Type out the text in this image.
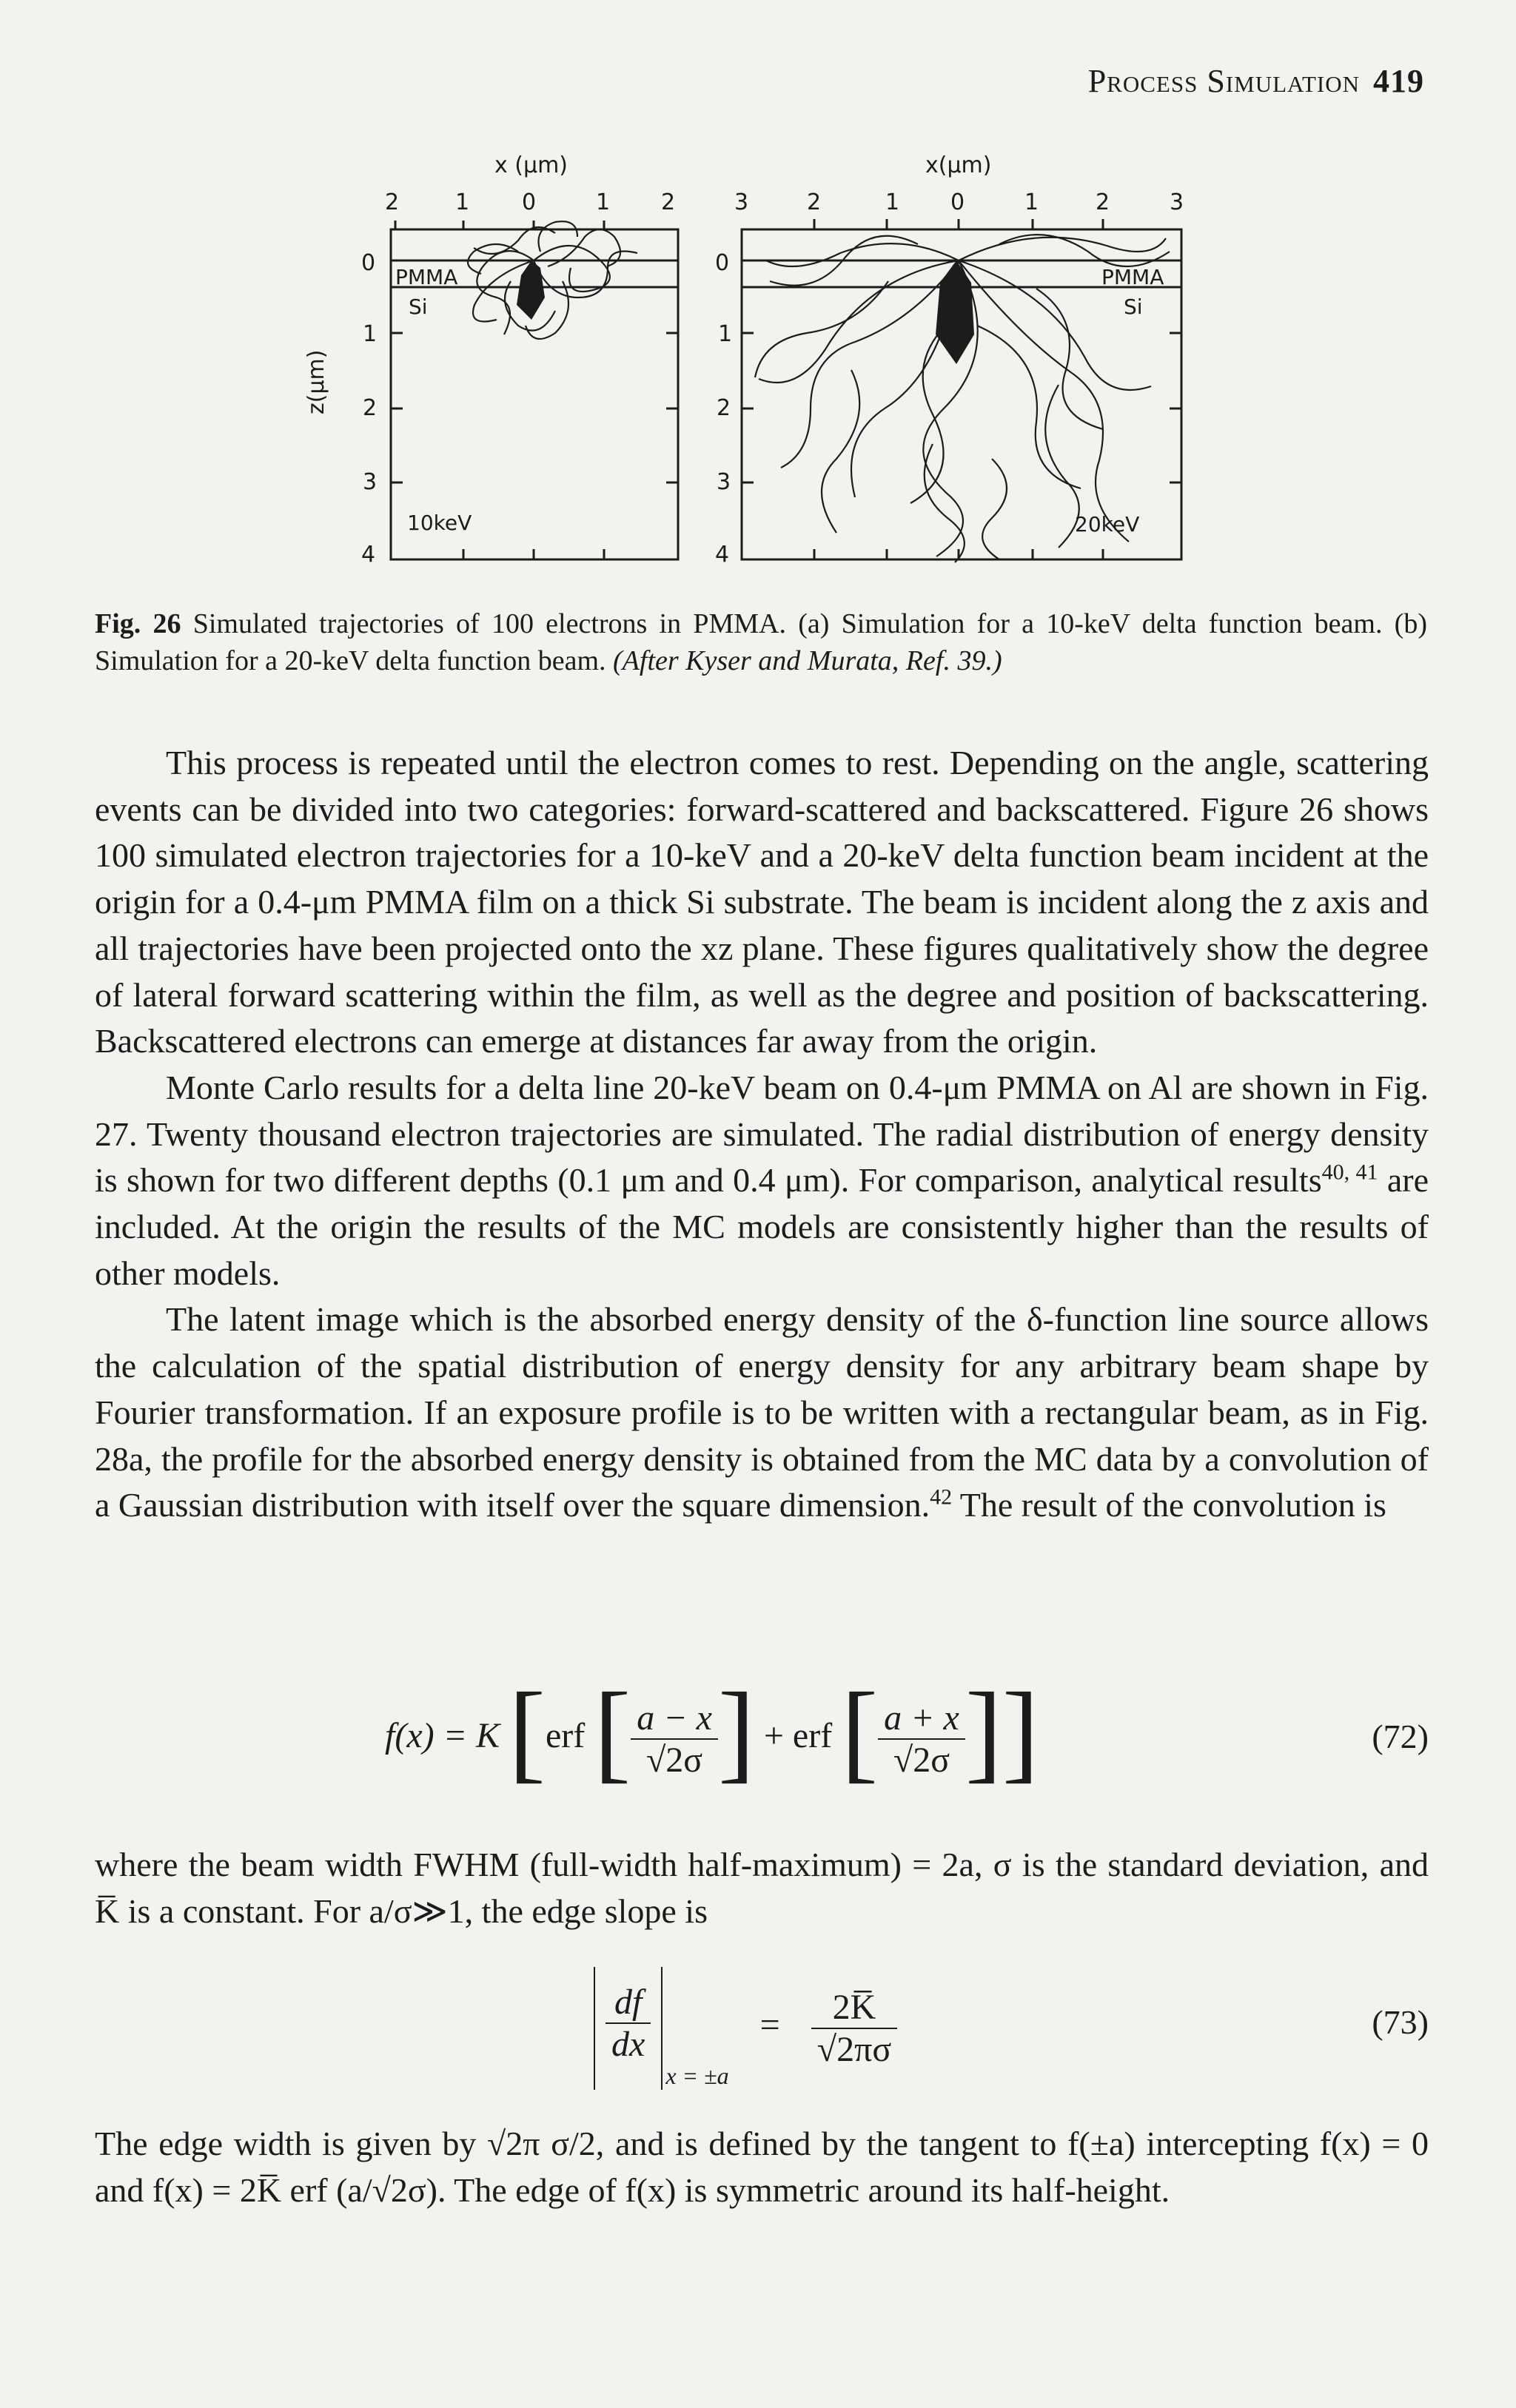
Process Simulation 419
x (μm)
2	1 0	1 2
0
1
2
3
4
z(μm)
PMMA
Si
10keV
x(μm)
3	2	1 0	1	2	3
0
1
2
3
4
PMMA
Si
20keV
Fig. 26 Simulated trajectories of 100 electrons in PMMA. (a) Simulation for a 10-keV delta function beam. (b) Simulation for a 20-keV delta function beam. (After Kyser and Murata, Ref. 39.)

This process is repeated until the electron comes to rest. Depending on the angle, scattering events can be divided into two categories: forward-scattered and backscattered. Figure 26 shows 100 simulated electron trajectories for a 10-keV and a 20-keV delta function beam incident at the origin for a 0.4-μm PMMA film on a thick Si substrate. The beam is incident along the z axis and all trajectories have been projected onto the xz plane. These figures qualitatively show the degree of lateral forward scattering within the film, as well as the degree and position of backscattering. Backscattered electrons can emerge at distances far away from the origin.

Monte Carlo results for a delta line 20-keV beam on 0.4-μm PMMA on Al are shown in Fig. 27. Twenty thousand electron trajectories are simulated. The radial distribution of energy density is shown for two different depths (0.1 μm and 0.4 μm). For comparison, analytical results$^{40, 41}$ are included. At the origin the results of the MC models are consistently higher than the results of other models.

The latent image which is the absorbed energy density of the δ-function line source allows the calculation of the spatial distribution of energy density for any arbitrary beam shape by Fourier transformation. If an exposure profile is to be written with a rectangular beam, as in Fig. 28a, the profile for the absorbed energy density is obtained from the MC data by a convolution of a Gaussian distribution with itself over the square dimension.$^{42}$ The result of the convolution is

f(x) = K [erf [ $\frac{a - x}{√2\sigma}$ ] + erf [ $\frac{a + x}{√2\sigma}$ ]]	(72)

where the beam width FWHM (full-width half-maximum) = 2a, σ is the standard deviation, and K̅ is a constant. For a/σ≫1, the edge slope is

$\frac{df}{dx}$
$x = \pm a = \frac{2K̅}{√2\pi\sigma}$	(73)

The edge width is given by √2π σ/2, and is defined by the tangent to f(±a) intercepting f(x) = 0 and f(x) = 2K̅ erf (a/√2σ). The edge of f(x) is symmetric around its half-height.
